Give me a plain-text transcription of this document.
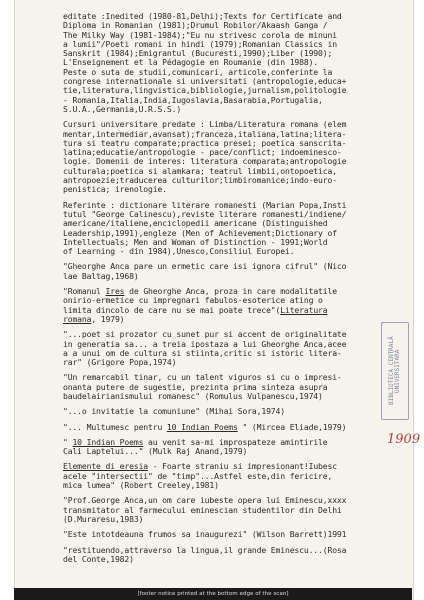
editate :Inedited (1980-81,Delhi);Texts for Certificate and
Diploma in Romanian (1981);Drumul Robilor/Akaash Ganga /
The Milky Way (1981-1984);"Eu nu strivesc corola de minuni
a lumii"/Poeti romani in hindi (1979);Romanian Classics in
Sanskrit (1984);Emigrantul (Bucuresti,1990);Liber (1990);
L'Enseignement et la Pédagogie en Roumanie (din 1988).
Peste o suta de studii,comunicari, articole,conferinte la
congrese internationale si universitati (antropologie,educa+
tie,literatura,lingvistica,bibliologie,jurnalism,politologie
- Romania,Italia,India,Iugoslavia,Basarabia,Portugalia,
S.U.A.,Germania,U.R.S.S.)
Cursuri universitare predate : Limba/Literatura romana (elem
mentar,intermediar,avansat);franceza,italiana,latina;litera-
tura si teatru comparate;practica presei; poetica sanscrita-
latina;educatie/antropologie - pace/conflict; indoeminesco-
logie. Domenii de interes: literatura comparata;antropologie
culturala;poetica si alamkara; teatrul limbii,ontopoetica,
antropoezie;traducerea culturilor;limbiromanice;indo-euro-
penistica; irenologie.
Referinte : dictionare literare romanesti (Marian Popa,Insti
tutul "George Calinescu),reviste literare romanesti/indiene/
americane/italiene,enciclopedii americane (Distinguished
Leadership,1991),engleze (Men of Achievement;Dictionary of
Intellectuals; Men and Woman of Distinction - 1991;World
of Learning - din 1984),Unesco,Consiliul Europei.
"Gheorghe Anca pare un ermetic care isi ignora cifrul" (Nico
lae Baltag,1968)
"Romanul Ires de Gheorghe Anca, proza in care modalitatile
onirio-ermetice cu impregnari fabulos-esoterice ating o
limita dincolo de care nu se mai poate trece"(Literatura
romana, 1979)
"...poet si prozator cu sunet pur si accent de originalitate
in generatia sa... a treia ipostaza a lui Gheorghe Anca,acee
a a unui om de cultura si stiinta,critic si istoric litera-
rar" (Grigore Popa,1974)
"Un remarcabil tinar, cu un talent viguros si cu o impresi-
onanta putere de sugestie, prezinta prima sinteza asupra
baudelairianismului romanesc" (Romulus Vulpanescu,1974)
"...o invitatie la comuniune" (Mihai Sora,1974)
"... Multumesc pentru 10 Indian Poems " (Mircea Eliade,1979)
" 10 Indian Poems au venit sa-mi improspateze amintirile
Cali Laptelui..." (Mulk Raj Anand,1979)
Elemente di eresia - Foarte straniu si impresionant!Iubesc
acele "intersectii" de "timp"...Astfel este,din fericire,
mica lumea" (Robert Creeley,1981)
"Prof.George Anca,un om care iubeste opera lui Eminescu,xxxx
transmitator al farmecului eminescian studentilor din Delhi
(D.Muraresu,1983)
"Este intotdeauna frumos sa inaugurezi" (Wilson Barrett)1991
"restituendo,attraverso la lingua,il grande Eminescu...(Rosa
del Conte,1982)
BIBLIOTECA CENTRALĂ UNIVERSITARĂ
1909
[footer notice printed at the bottom edge of the scan]
